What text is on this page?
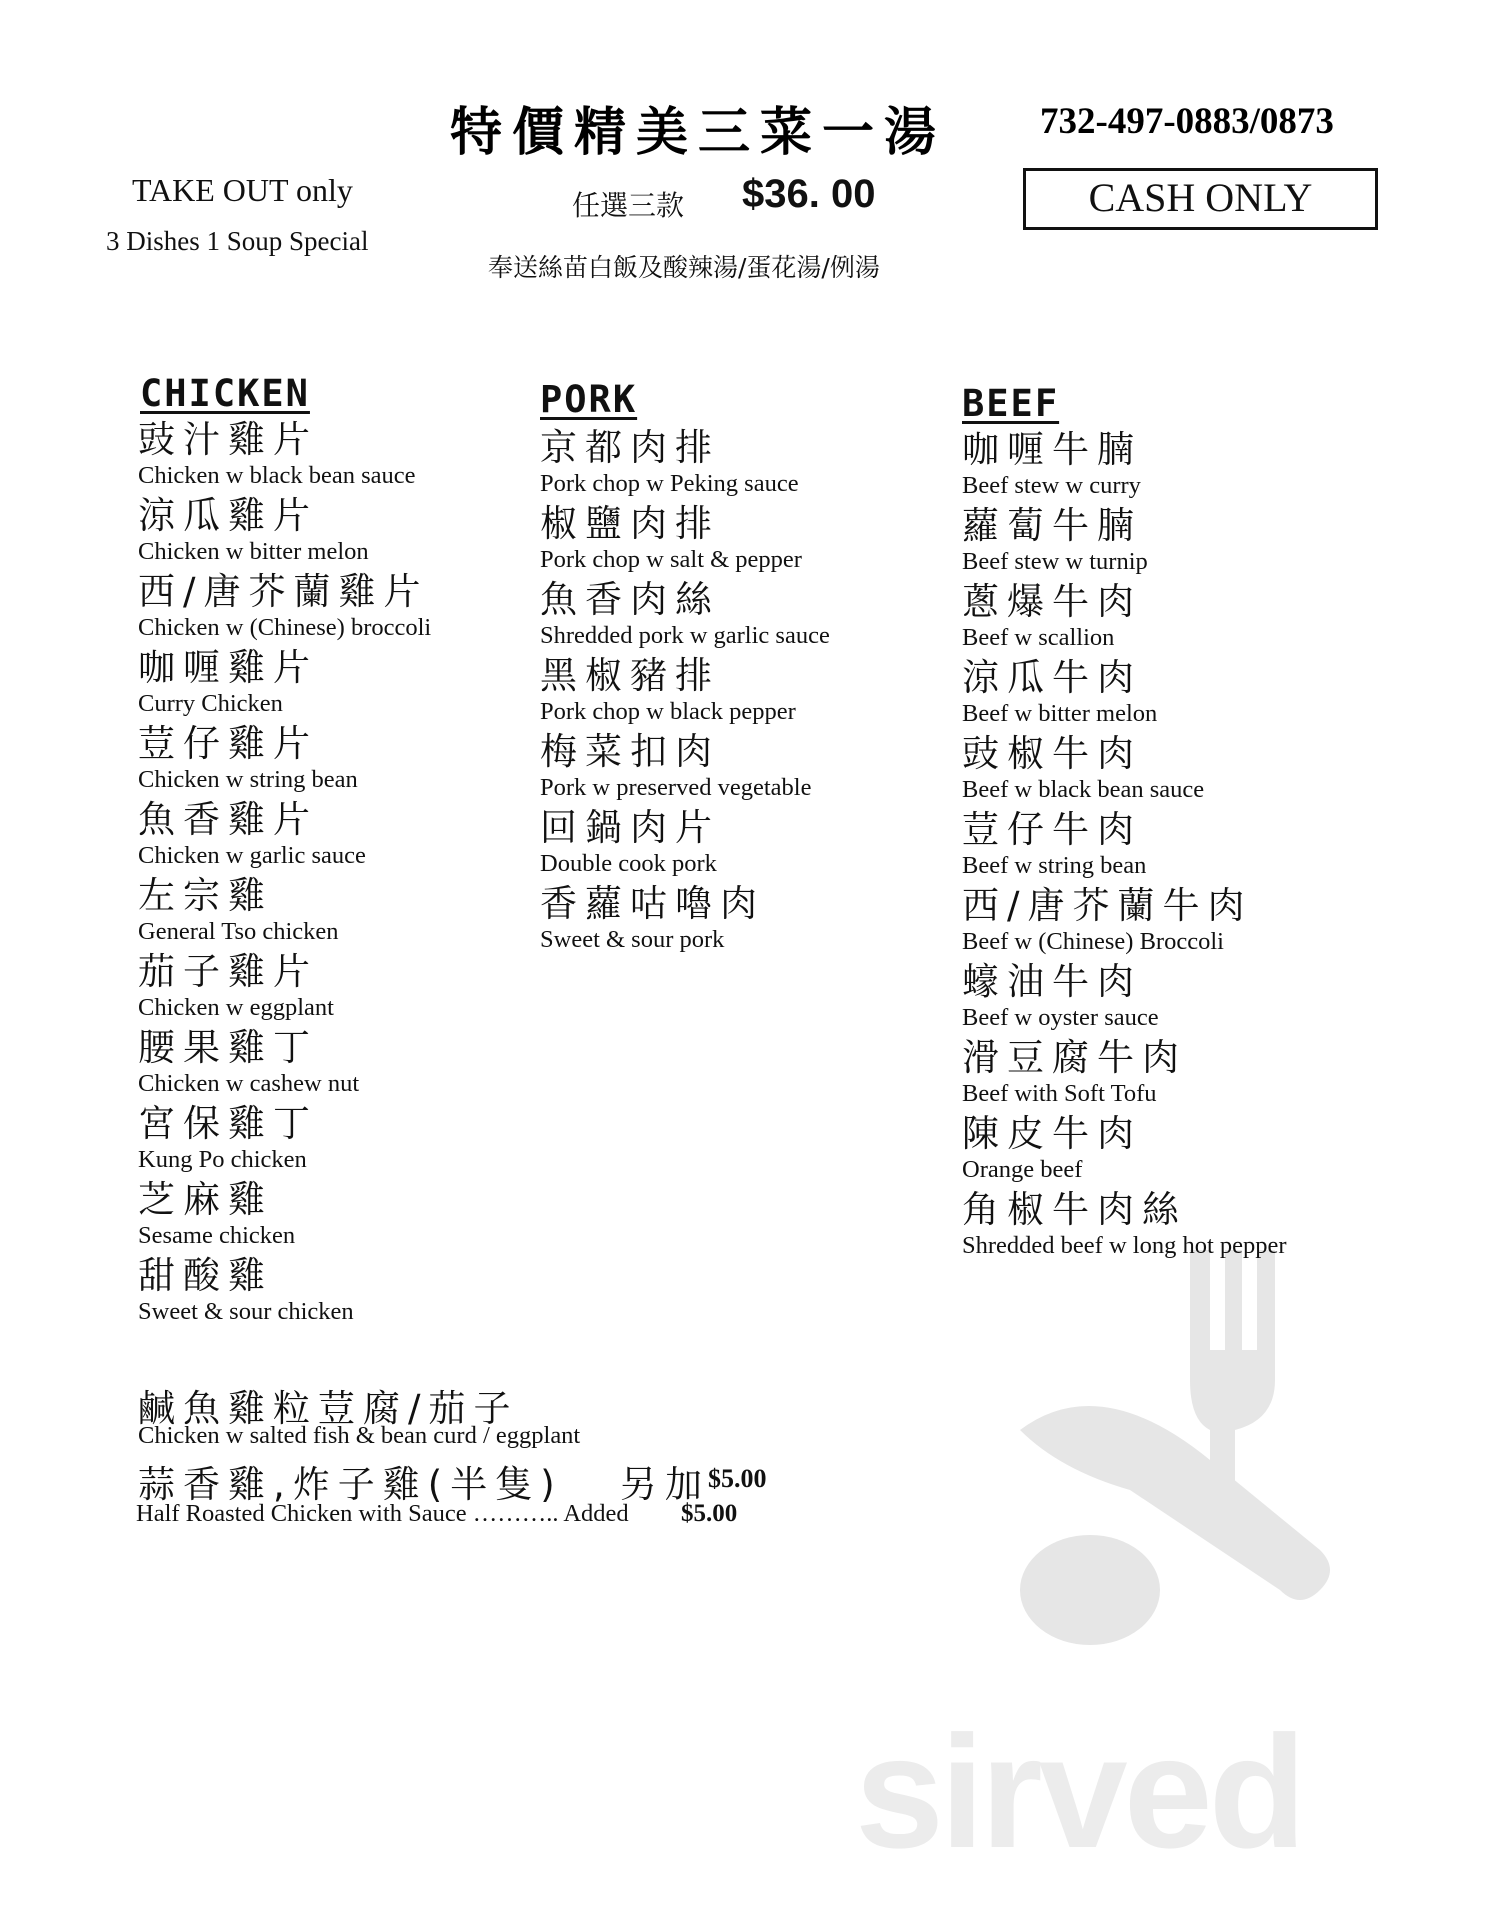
sirved
特價精美三菜一湯	732-497-0883/0873
TAKE OUT only
3 Dishes 1 Soup Special
任選三款 $36. 00	CASH ONLY
奉送絲苗白飯及酸辣湯/蛋花湯/例湯
CHICKEN
豉汁雞片
Chicken w black bean sauce
涼瓜雞片
Chicken w bitter melon
西/唐芥蘭雞片
Chicken w (Chinese) broccoli
咖喱雞片
Curry Chicken
荳仔雞片
Chicken w string bean
魚香雞片
Chicken w garlic sauce
左宗雞
General Tso chicken
茄子雞片
Chicken w eggplant
腰果雞丁
Chicken w cashew nut
宮保雞丁
Kung Po chicken
芝麻雞
Sesame chicken
甜酸雞
Sweet & sour chicken
PORK
京都肉排
Pork chop w Peking sauce
椒鹽肉排
Pork chop w salt & pepper
魚香肉絲
Shredded pork w garlic sauce
黑椒豬排
Pork chop w black pepper
梅菜扣肉
Pork w preserved vegetable
回鍋肉片
Double cook pork
香蘿咕嚕肉
Sweet & sour pork
BEEF
咖喱牛腩
Beef stew w curry
蘿蔔牛腩
Beef stew w turnip
蔥爆牛肉
Beef w scallion
涼瓜牛肉
Beef w bitter melon
豉椒牛肉
Beef w black bean sauce
荳仔牛肉
Beef w string bean
西/唐芥蘭牛肉
Beef w (Chinese) Broccoli
蠔油牛肉
Beef w oyster sauce
滑豆腐牛肉
Beef with Soft Tofu
陳皮牛肉
Orange beef
角椒牛肉絲
Shredded beef w long hot pepper
鹹魚雞粒荳腐/茄子
Chicken w salted fish & bean curd / eggplant
蒜香雞,炸子雞(半隻) 另加
$5.00
Half Roasted Chicken with Sauce ……….. Added $5.00
